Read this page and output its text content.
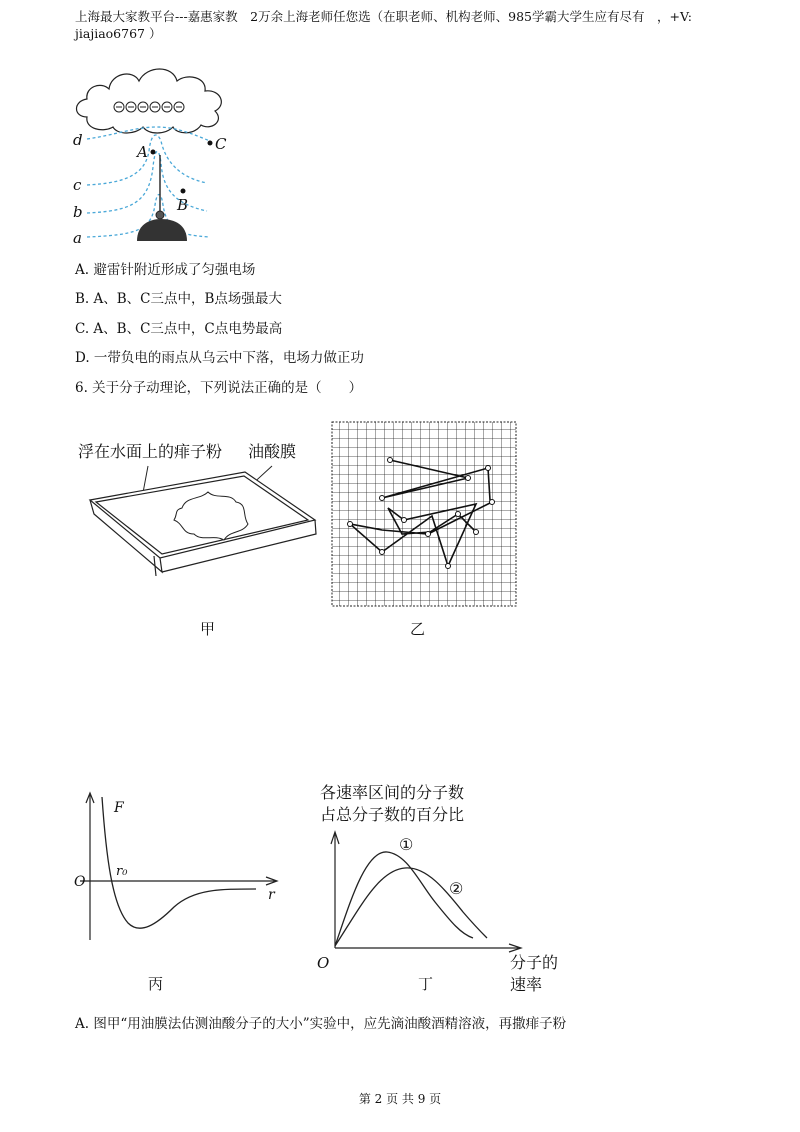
上海最大家教平台---嘉惠家教　2万余上海老师任您选（在职老师、机构老师、985学霸大学生应有尽有　，+V:
jiajiao6767 ）
d
c
b
a
A
B
C
A. 避雷针附近形成了匀强电场
B. A、B、C三点中，B点场强最大
C. A、B、C三点中，C点电势最高
D. 一带负电的雨点从乌云中下落，电场力做正功
6. 关于分子动理论，下列说法正确的是（　　）
浮在水面上的痱子粉 油酸膜
甲	乙
F
O
r₀
r
丙
各速率区间的分子数
占总分子数的百分比
①
②
O	分子的
速率
丁
A. 图甲“用油膜法估测油酸分子的大小”实验中，应先滴油酸酒精溶液，再撒痱子粉
第 2 页 共 9 页
